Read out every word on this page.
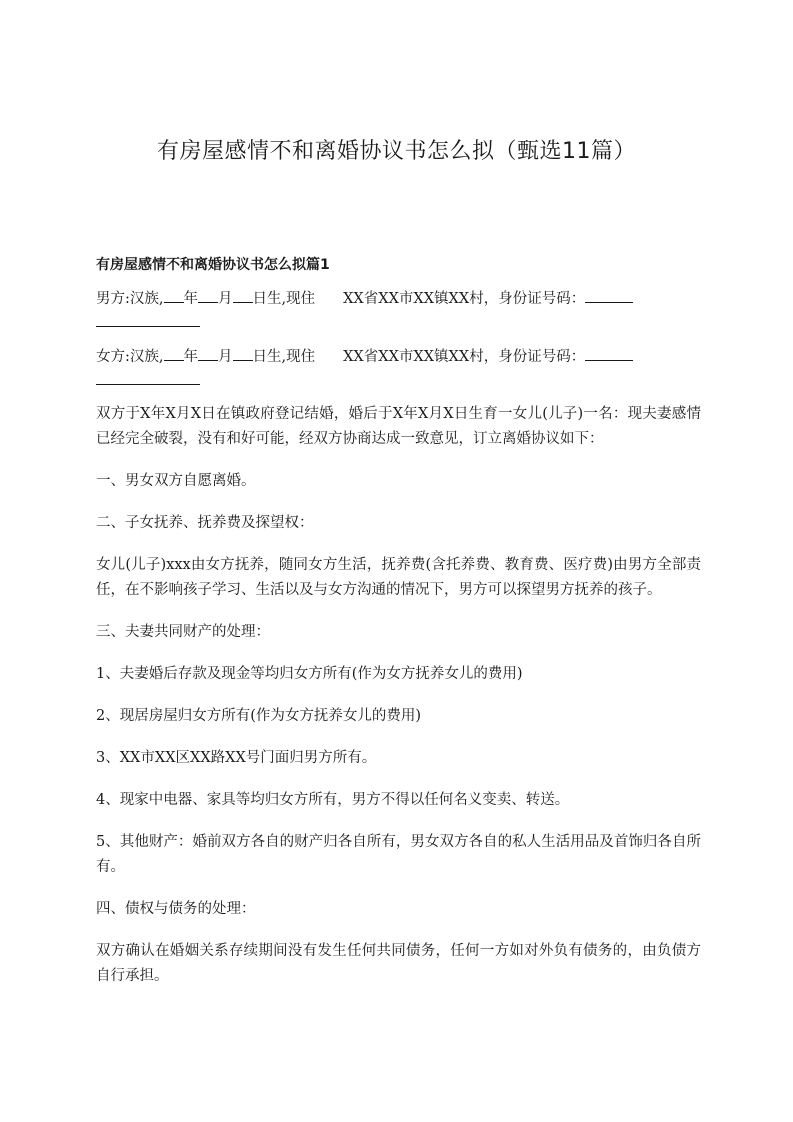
有房屋感情不和离婚协议书怎么拟（甄选11篇）
有房屋感情不和离婚协议书怎么拟篇1
男方:汉族, 年 月 日生,现住 XX省XX市XX镇XX村，身份证号码：
女方:汉族, 年 月 日生,现住 XX省XX市XX镇XX村，身份证号码：

双方于X年X月X日在镇政府登记结婚，婚后于X年X月X日生育一女儿(儿子)一名：现夫妻感情已经完全破裂，没有和好可能，经双方协商达成一致意见，订立离婚协议如下：

一、男女双方自愿离婚。

二、子女抚养、抚养费及探望权：

女儿(儿子)xxx由女方抚养，随同女方生活，抚养费(含托养费、教育费、医疗费)由男方全部责任，在不影响孩子学习、生活以及与女方沟通的情况下，男方可以探望男方抚养的孩子。

三、夫妻共同财产的处理：

1、夫妻婚后存款及现金等均归女方所有(作为女方抚养女儿的费用)

2、现居房屋归女方所有(作为女方抚养女儿的费用)

3、XX市XX区XX路XX号门面归男方所有。

4、现家中电器、家具等均归女方所有，男方不得以任何名义变卖、转送。

5、其他财产：婚前双方各自的财产归各自所有，男女双方各自的私人生活用品及首饰归各自所有。

四、债权与债务的处理：

双方确认在婚姻关系存续期间没有发生任何共同债务，任何一方如对外负有债务的，由负债方自行承担。
